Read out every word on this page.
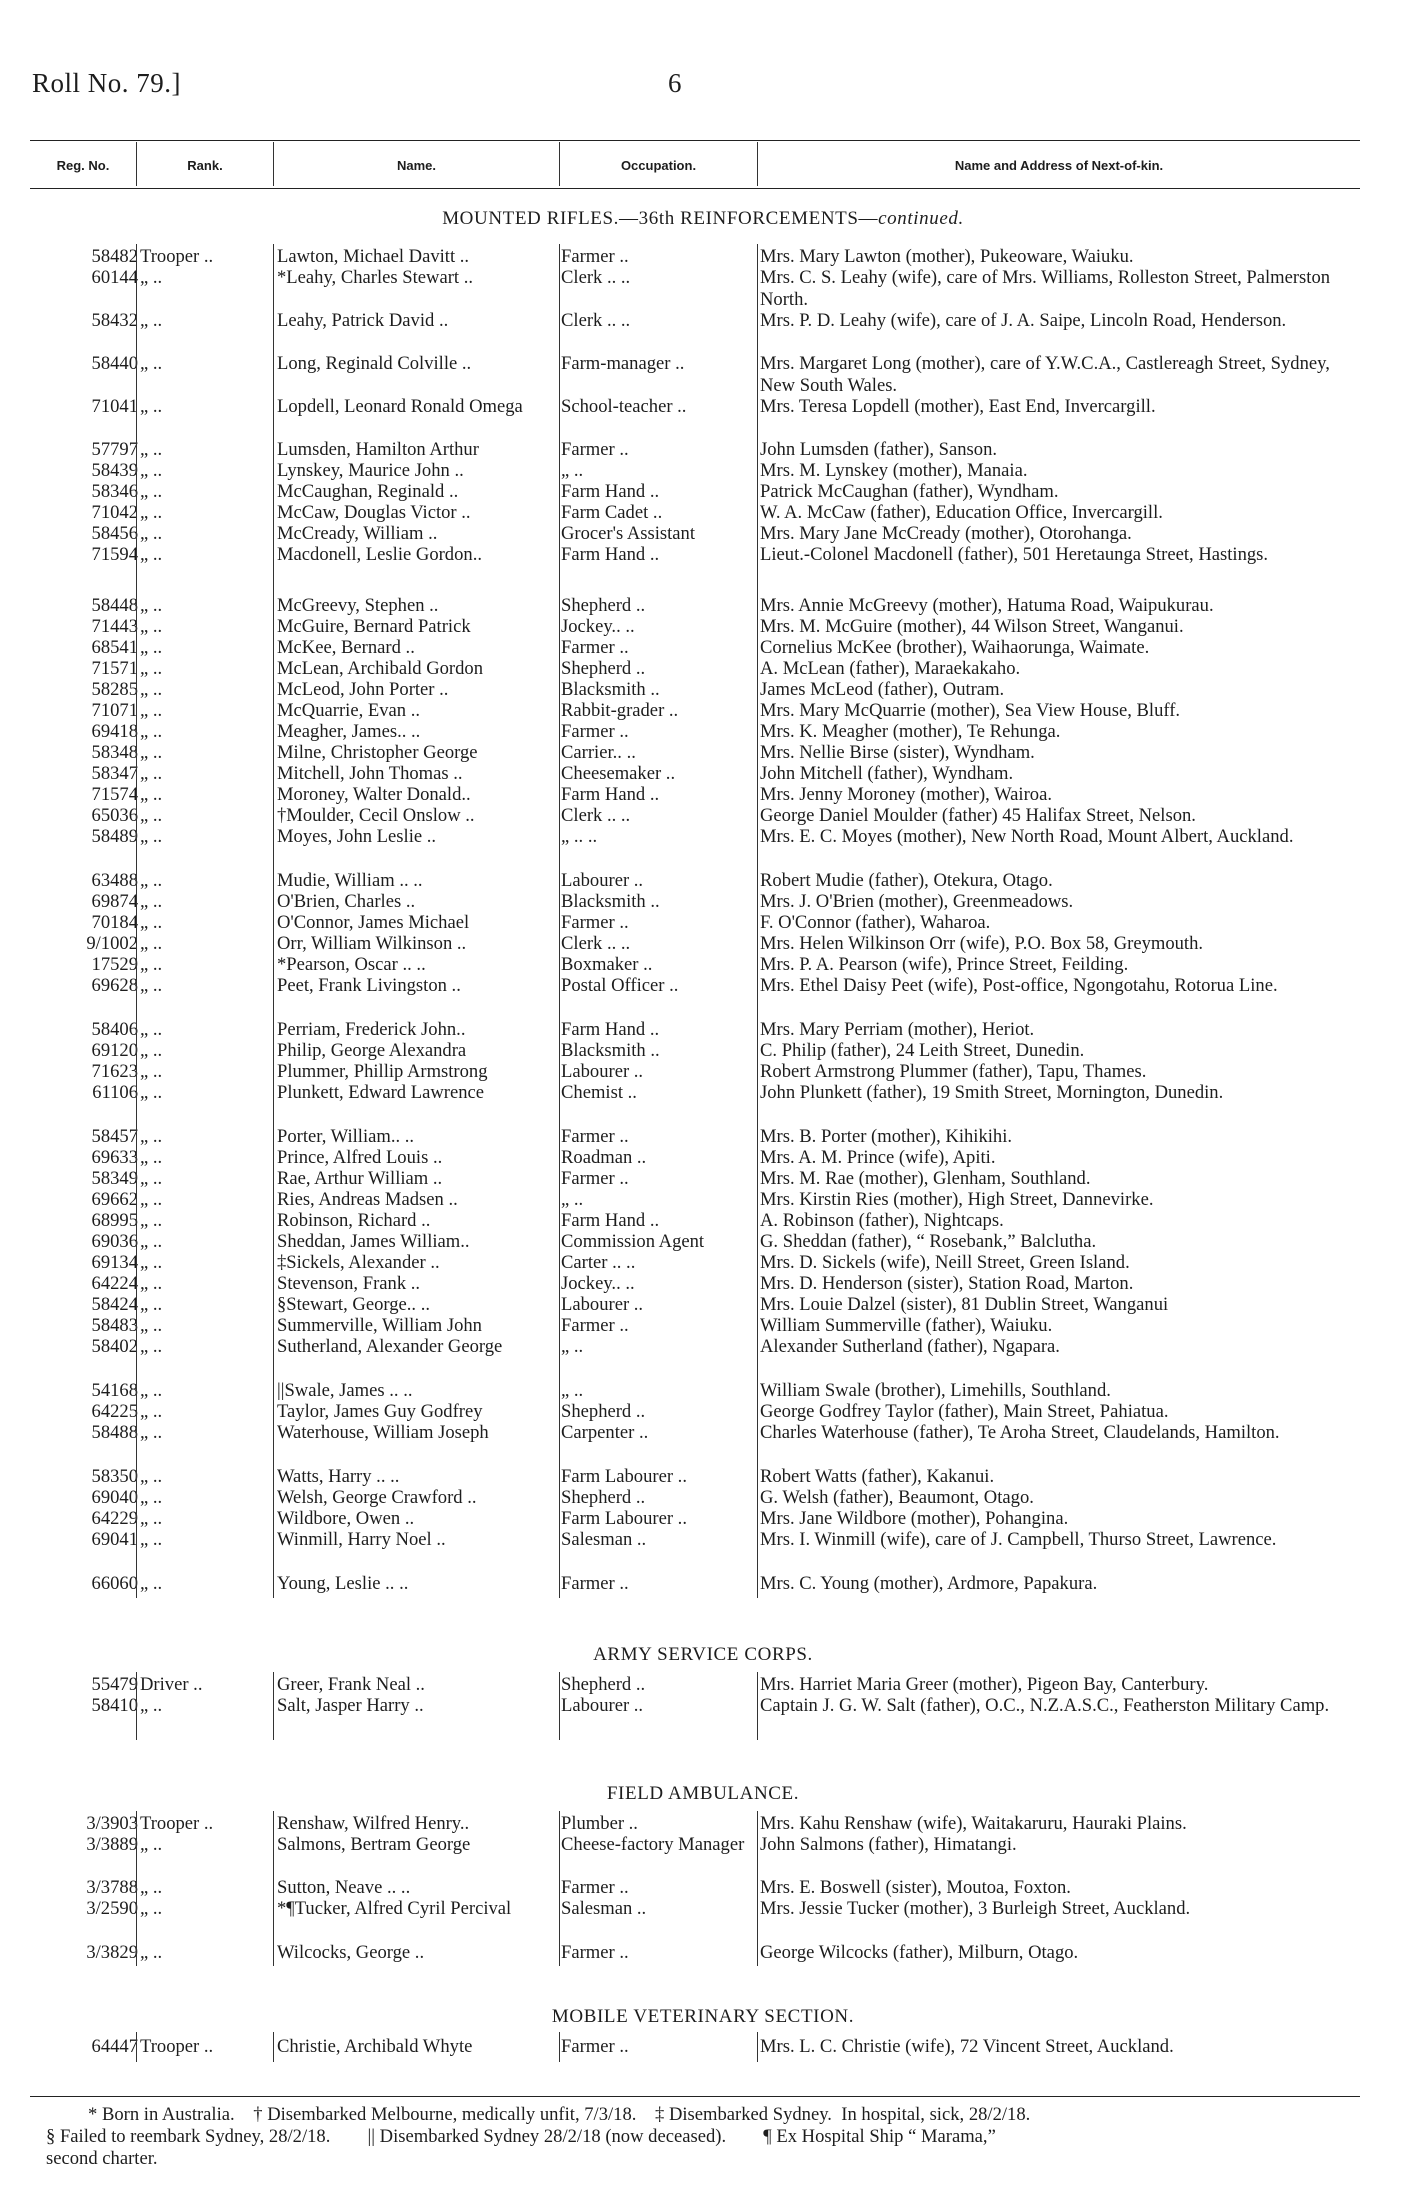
Roll No. 79.]	6
Reg. No.	Rank.	Name.	Occupation.	Name and Address of Next-of-kin.
MOUNTED RIFLES.—36th REINFORCEMENTS—continued.
ARMY SERVICE CORPS.
FIELD AMBULANCE.
MOBILE VETERINARY SECTION.
58482 Trooper ..	Lawton, Michael Davitt ..	Farmer ..	Mrs. Mary Lawton (mother), Pukeoware, Waiuku.
60144 „ ..	*Leahy, Charles Stewart ..	Clerk .. ..	Mrs. C. S. Leahy (wife), care of Mrs. Williams, Rolleston Street, Palmerston North.
58432 „ ..	Leahy, Patrick David ..	Clerk .. ..	Mrs. P. D. Leahy (wife), care of J. A. Saipe, Lincoln Road, Henderson.
58440 „ ..	Long, Reginald Colville ..	Farm-manager ..	Mrs. Margaret Long (mother), care of Y.W.C.A., Castlereagh Street, Sydney, New South Wales.
71041 „ ..	Lopdell, Leonard Ronald Omega	School-teacher ..	Mrs. Teresa Lopdell (mother), East End, Invercargill.
57797 „ ..	Lumsden, Hamilton Arthur	Farmer ..	John Lumsden (father), Sanson.
58439 „ ..	Lynskey, Maurice John ..	„ ..	Mrs. M. Lynskey (mother), Manaia.
58346 „ ..	McCaughan, Reginald ..	Farm Hand ..	Patrick McCaughan (father), Wyndham.
71042 „ ..	McCaw, Douglas Victor ..	Farm Cadet ..	W. A. McCaw (father), Education Office, Invercargill.
58456 „ ..	McCready, William ..	Grocer's Assistant	Mrs. Mary Jane McCready (mother), Otorohanga.
71594 „ ..	Macdonell, Leslie Gordon..	Farm Hand ..	Lieut.-Colonel Macdonell (father), 501 Heretaunga Street, Hastings.
58448 „ ..	McGreevy, Stephen ..	Shepherd ..	Mrs. Annie McGreevy (mother), Hatuma Road, Waipukurau.
71443 „ ..	McGuire, Bernard Patrick	Jockey.. ..	Mrs. M. McGuire (mother), 44 Wilson Street, Wanganui.
68541 „ ..	McKee, Bernard ..	Farmer ..	Cornelius McKee (brother), Waihaorunga, Waimate.
71571 „ ..	McLean, Archibald Gordon	Shepherd ..	A. McLean (father), Maraekakaho.
58285 „ ..	McLeod, John Porter ..	Blacksmith ..	James McLeod (father), Outram.
71071 „ ..	McQuarrie, Evan ..	Rabbit-grader ..	Mrs. Mary McQuarrie (mother), Sea View House, Bluff.
69418 „ ..	Meagher, James.. ..	Farmer ..	Mrs. K. Meagher (mother), Te Rehunga.
58348 „ ..	Milne, Christopher George	Carrier.. ..	Mrs. Nellie Birse (sister), Wyndham.
58347 „ ..	Mitchell, John Thomas ..	Cheesemaker ..	John Mitchell (father), Wyndham.
71574 „ ..	Moroney, Walter Donald..	Farm Hand ..	Mrs. Jenny Moroney (mother), Wairoa.
65036 „ ..	†Moulder, Cecil Onslow ..	Clerk .. ..	George Daniel Moulder (father) 45 Halifax Street, Nelson.
58489 „ ..	Moyes, John Leslie ..	„ .. ..	Mrs. E. C. Moyes (mother), New North Road, Mount Albert, Auckland.
63488 „ ..	Mudie, William .. ..	Labourer ..	Robert Mudie (father), Otekura, Otago.
69874 „ ..	O'Brien, Charles ..	Blacksmith ..	Mrs. J. O'Brien (mother), Greenmeadows.
70184 „ ..	O'Connor, James Michael	Farmer ..	F. O'Connor (father), Waharoa.
9/1002 „ ..	Orr, William Wilkinson ..	Clerk .. ..	Mrs. Helen Wilkinson Orr (wife), P.O. Box 58, Greymouth.
17529 „ ..	*Pearson, Oscar .. ..	Boxmaker ..	Mrs. P. A. Pearson (wife), Prince Street, Feilding.
69628 „ ..	Peet, Frank Livingston ..	Postal Officer ..	Mrs. Ethel Daisy Peet (wife), Post-office, Ngongotahu, Rotorua Line.
58406 „ ..	Perriam, Frederick John..	Farm Hand ..	Mrs. Mary Perriam (mother), Heriot.
69120 „ ..	Philip, George Alexandra	Blacksmith ..	C. Philip (father), 24 Leith Street, Dunedin.
71623 „ ..	Plummer, Phillip Armstrong	Labourer ..	Robert Armstrong Plummer (father), Tapu, Thames.
61106 „ ..	Plunkett, Edward Lawrence	Chemist ..	John Plunkett (father), 19 Smith Street, Mornington, Dunedin.
58457 „ ..	Porter, William.. ..	Farmer ..	Mrs. B. Porter (mother), Kihikihi.
69633 „ ..	Prince, Alfred Louis ..	Roadman ..	Mrs. A. M. Prince (wife), Apiti.
58349 „ ..	Rae, Arthur William ..	Farmer ..	Mrs. M. Rae (mother), Glenham, Southland.
69662 „ ..	Ries, Andreas Madsen ..	„ ..	Mrs. Kirstin Ries (mother), High Street, Dannevirke.
68995 „ ..	Robinson, Richard ..	Farm Hand ..	A. Robinson (father), Nightcaps.
69036 „ ..	Sheddan, James William..	Commission Agent	G. Sheddan (father), “ Rosebank,” Balclutha.
69134 „ ..	‡Sickels, Alexander ..	Carter .. ..	Mrs. D. Sickels (wife), Neill Street, Green Island.
64224 „ ..	Stevenson, Frank ..	Jockey.. ..	Mrs. D. Henderson (sister), Station Road, Marton.
58424 „ ..	§Stewart, George.. ..	Labourer ..	Mrs. Louie Dalzel (sister), 81 Dublin Street, Wanganui
58483 „ ..	Summerville, William John	Farmer ..	William Summerville (father), Waiuku.
58402 „ ..	Sutherland, Alexander George	„ ..	Alexander Sutherland (father), Ngapara.
54168 „ ..	||Swale, James .. ..	„ ..	William Swale (brother), Limehills, Southland.
64225 „ ..	Taylor, James Guy Godfrey	Shepherd ..	George Godfrey Taylor (father), Main Street, Pahiatua.
58488 „ ..	Waterhouse, William Joseph	Carpenter ..	Charles Waterhouse (father), Te Aroha Street, Claudelands, Hamilton.
58350 „ ..	Watts, Harry .. ..	Farm Labourer ..	Robert Watts (father), Kakanui.
69040 „ ..	Welsh, George Crawford ..	Shepherd ..	G. Welsh (father), Beaumont, Otago.
64229 „ ..	Wildbore, Owen ..	Farm Labourer ..	Mrs. Jane Wildbore (mother), Pohangina.
69041 „ ..	Winmill, Harry Noel ..	Salesman ..	Mrs. I. Winmill (wife), care of J. Campbell, Thurso Street, Lawrence.
66060 „ ..	Young, Leslie .. ..	Farmer ..	Mrs. C. Young (mother), Ardmore, Papakura.
55479 Driver ..	Greer, Frank Neal ..	Shepherd ..	Mrs. Harriet Maria Greer (mother), Pigeon Bay, Canterbury.
58410 „ ..	Salt, Jasper Harry ..	Labourer ..	Captain J. G. W. Salt (father), O.C., N.Z.A.S.C., Featherston Military Camp.
3/3903 Trooper ..	Renshaw, Wilfred Henry..	Plumber ..	Mrs. Kahu Renshaw (wife), Waitakaruru, Hauraki Plains.
3/3889 „ ..	Salmons, Bertram George	Cheese-factory Manager John Salmons (father), Himatangi.
3/3788 „ ..	Sutton, Neave .. ..	Farmer ..	Mrs. E. Boswell (sister), Moutoa, Foxton.
3/2590 „ ..	*¶Tucker, Alfred Cyril Percival	Salesman ..	Mrs. Jessie Tucker (mother), 3 Burleigh Street, Auckland.
3/3829 „ ..	Wilcocks, George ..	Farmer ..	George Wilcocks (father), Milburn, Otago.
64447 Trooper ..	Christie, Archibald Whyte	Farmer ..	Mrs. L. C. Christie (wife), 72 Vincent Street, Auckland.
* Born in Australia.    † Disembarked Melbourne, medically unfit, 7/3/18.    ‡ Disembarked Sydney.  In hospital, sick, 28/2/18.
§ Failed to reembark Sydney, 28/2/18.        || Disembarked Sydney 28/2/18 (now deceased).        ¶ Ex Hospital Ship “ Marama,”
second charter.
